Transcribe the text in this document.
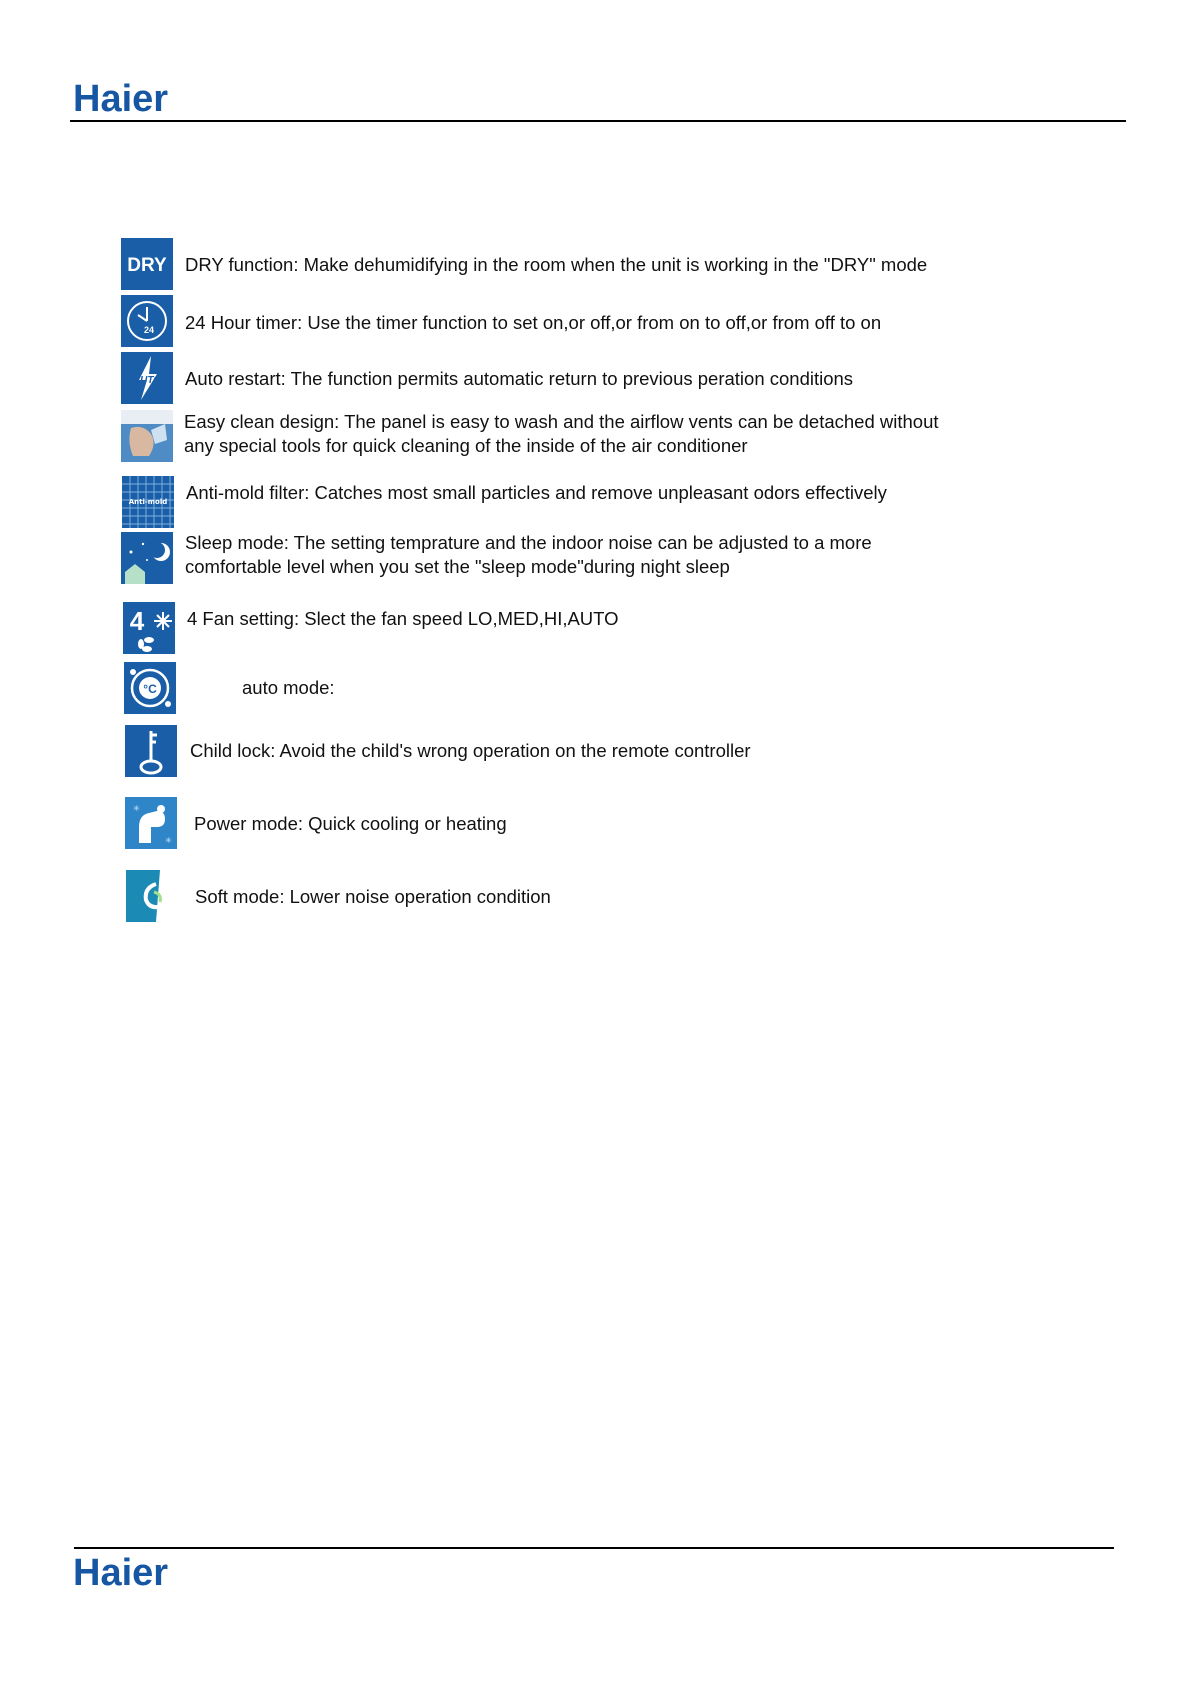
Haier
DRY DRY function: Make dehumidifying in the room when the unit is working in the "DRY" mode
24 24 Hour timer: Use the timer function to set on,or off,or from on to off,or from off to on
AUTO Auto restart: The function permits automatic return to previous peration conditions
Easy clean design: The panel is easy to wash and the airflow vents can be detached without
any special tools for quick cleaning of the inside of the air conditioner
Anti-mold Anti-mold filter: Catches most small particles and remove unpleasant odors effectively
Sleep mode: The setting temprature and the indoor noise can be adjusted to a more
comfortable level when you set the "sleep mode"during night sleep
4 4 Fan setting: Slect the fan speed LO,MED,HI,AUTO
°C	auto mode:
Child lock: Avoid the child's wrong operation on the remote controller
✳
✳
Power mode: Quick cooling or heating
Soft mode: Lower noise operation condition
Haier
